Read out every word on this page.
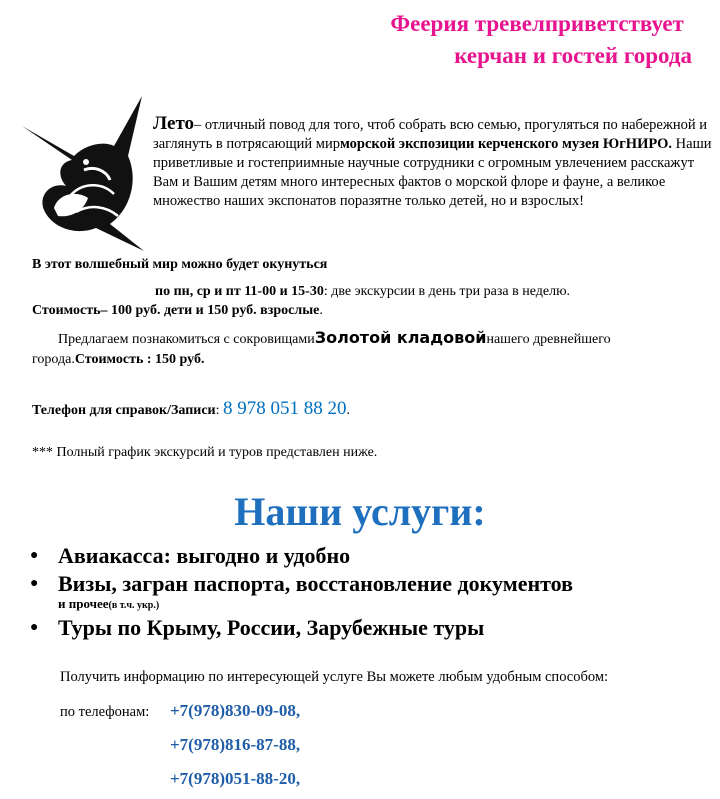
Феерия тревелприветствует
керчан и гостей города
Лето– отличный повод для того, чтоб собрать всю семью, прогуляться по набережной и заглянуть в потрясающий мирморской экспозиции керченского музея ЮгНИРО. Наши приветливые и гостеприимные научные сотрудники с огромным увлечением расскажут Вам и Вашим детям много интересных фактов о морской флоре и фауне, а великое множество наших экспонатов поразятне только детей, но и взрослых!
В этот волшебный мир можно будет окунуться
по пн, ср и пт 11-00 и 15-30: две экскурсии в день три раза в неделю.
Стоимость– 100 руб. дети и 150 руб. взрослые.
Предлагаем познакомиться с сокровищамиЗолотой кладовойнашего древнейшего города.Стоимость : 150 руб.
Телефон для справок/Записи: 8 978 051 88 20.
*** Полный график экскурсий и туров представлен ниже.
Наши услуги:
● Авиакасса: выгодно и удобно
● Визы, загран паспорта, восстановление документов
и прочее(в т.ч. укр.)
● Туры по Крыму, России, Зарубежные туры
Получить информацию по интересующей услуге Вы можете любым удобным способом:
по телефонам: +7(978)830-09-08,
+7(978)816-87-88,
+7(978)051-88-20,
